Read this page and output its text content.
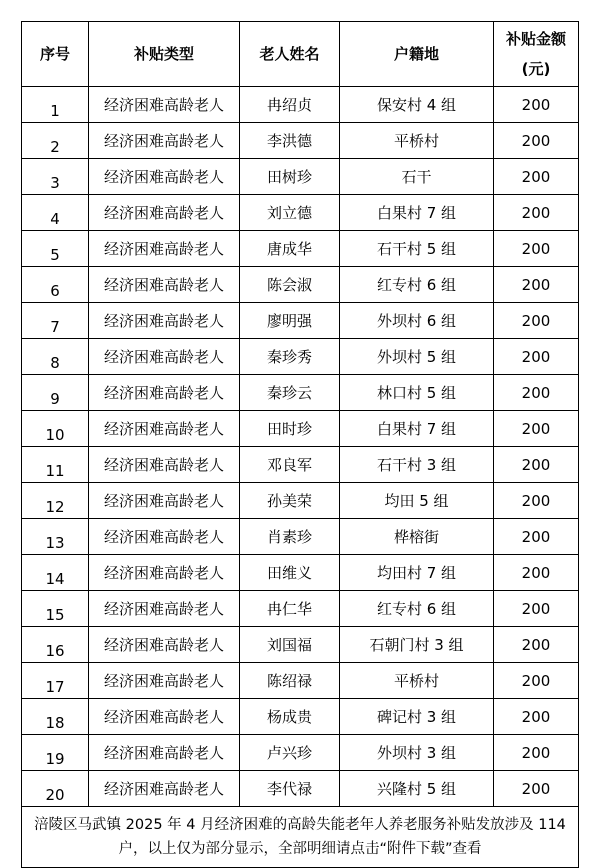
序号	补贴类型	老人姓名	户籍地	补贴金额
(元)

1	经济困难高龄老人	冉绍贞	保安村 4 组	200
2	经济困难高龄老人	李洪德	平桥村	200
3	经济困难高龄老人	田树珍	石干	200
4	经济困难高龄老人	刘立德	白果村 7 组	200
5	经济困难高龄老人	唐成华	石干村 5 组	200
6	经济困难高龄老人	陈会淑	红专村 6 组	200
7	经济困难高龄老人	廖明强	外坝村 6 组	200
8	经济困难高龄老人	秦珍秀	外坝村 5 组	200
9	经济困难高龄老人	秦珍云	林口村 5 组	200
10	经济困难高龄老人	田时珍	白果村 7 组	200
11	经济困难高龄老人	邓良军	石干村 3 组	200
12	经济困难高龄老人	孙美荣	均田 5 组	200
13	经济困难高龄老人	肖素珍	桦榕街	200
14	经济困难高龄老人	田维义	均田村 7 组	200
15	经济困难高龄老人	冉仁华	红专村 6 组	200
16	经济困难高龄老人	刘国福	石朝门村 3 组	200
17	经济困难高龄老人	陈绍禄	平桥村	200
18	经济困难高龄老人	杨成贵	碑记村 3 组	200
19	经济困难高龄老人	卢兴珍	外坝村 3 组	200
20	经济困难高龄老人	李代禄	兴隆村 5 组	200
涪陵区马武镇 2025 年 4 月经济困难的高龄失能老年人养老服务补贴发放涉及 114 户，以上仅为部分显示，全部明细请点击“附件下载”查看				
